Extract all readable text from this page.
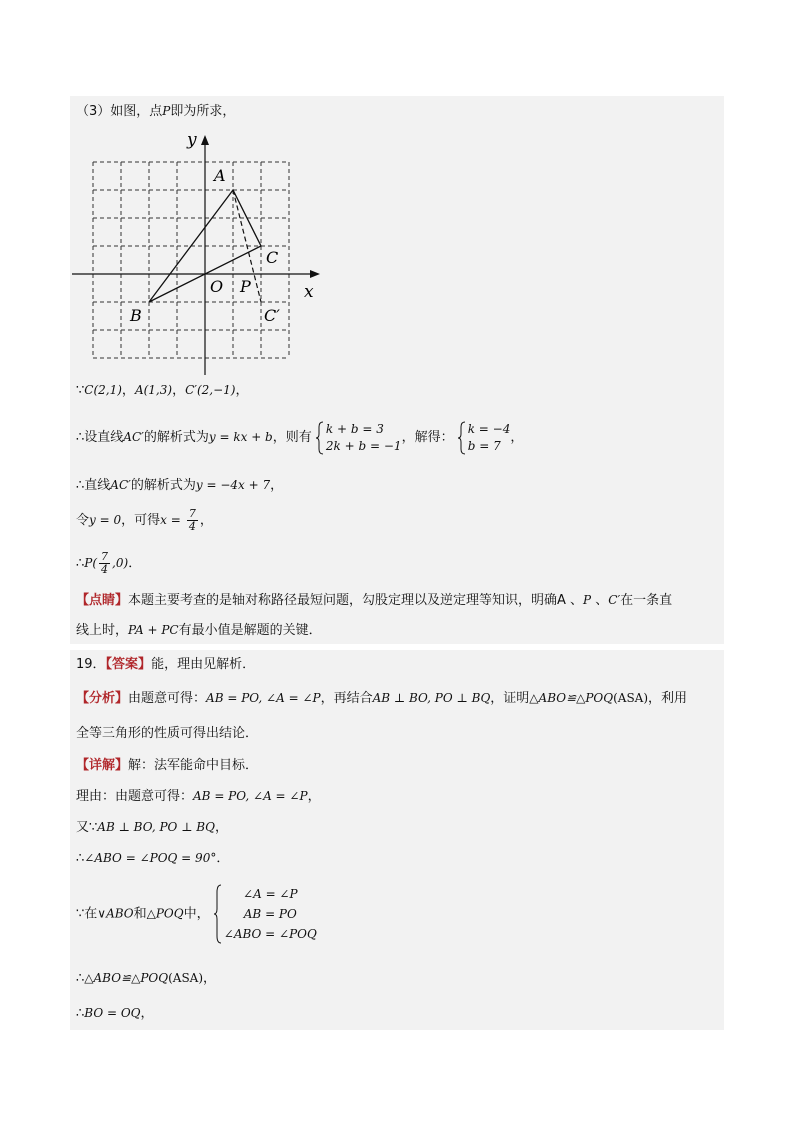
（3）如图，点P即为所求，
y
x
O
A
B
C
C′
P
∵C(2,1)，A(1,3)，C′(2,−1)，
∴设直线AC′的解析式为y = kx + b，则有
k + b = 3
2k + b = −1
，解得：
k = −4
b = 7
，
∴直线AC′的解析式为y = −4x + 7，
令y = 0，可得$x = \frac{7}{4}$ ，
∴P( $\frac{7}{4} ,0$)．
【点睛】本题主要考查的是轴对称路径最短问题，勾股定理以及逆定理等知识，明确A 、P 、C′在一条直
线上时，PA + PC有最小值是解题的关键．
19．【答案】能，理由见解析．
【分析】由题意可得：AB = PO, ∠A = ∠P，再结合AB ⊥ BO, PO ⊥ BQ，证明△ABO≌△POQ(ASA)，利用
全等三角形的性质可得出结论．
【详解】解：法军能命中目标．
理由：由题意可得：AB = PO, ∠A = ∠P，
又∵AB ⊥ BO, PO ⊥ BQ，
∴∠ABO = ∠POQ = 90°．
∵在∨ABO和△POQ中，
∠A = ∠P
AB = PO
∠ABO = ∠POQ
∴△ABO≌△POQ(ASA)，
∴BO = OQ，
